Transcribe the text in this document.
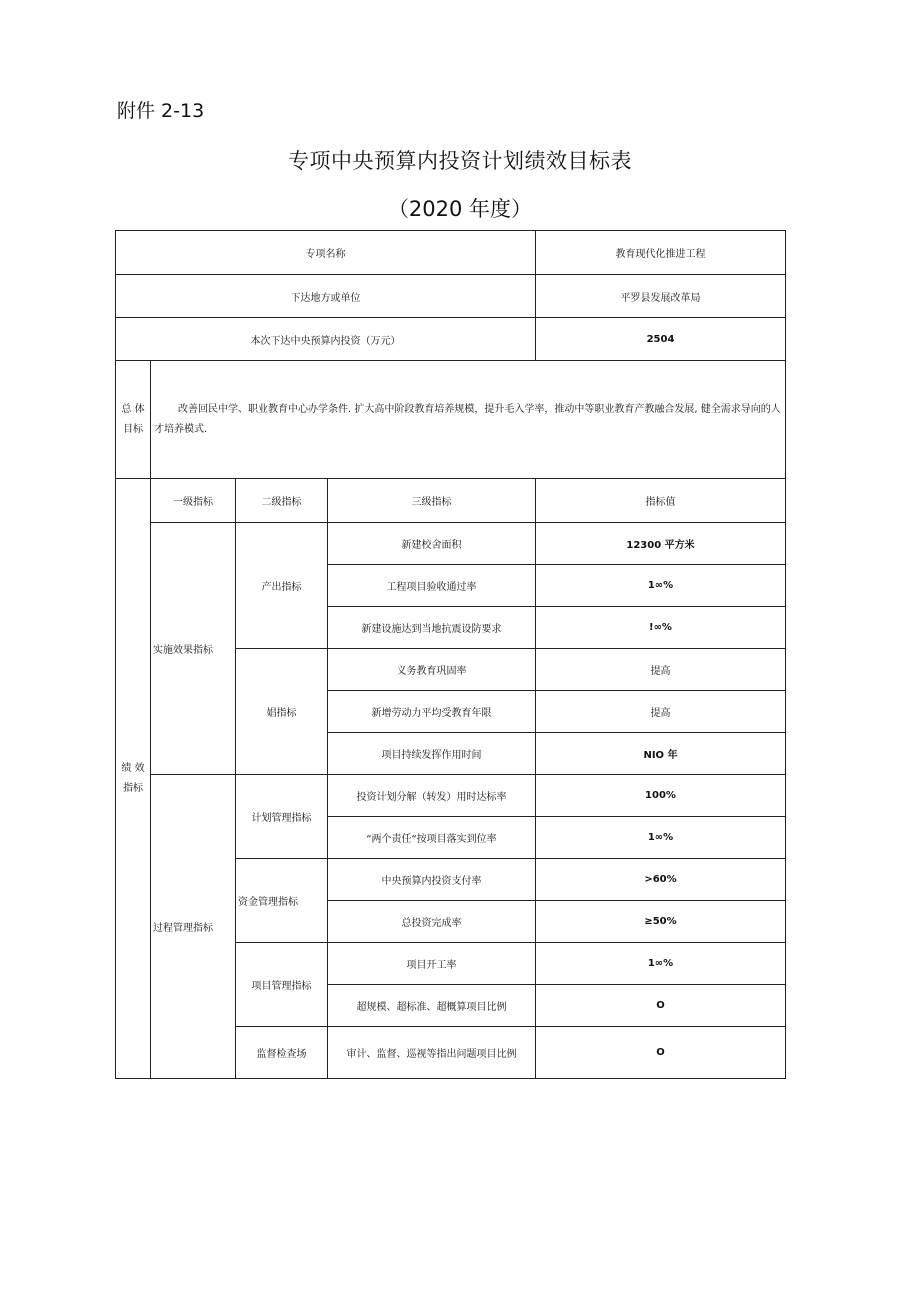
附件 2-13
专项中央预算内投资计划绩效目标表
（2020 年度）
专项名称				教育现代化推进工程
下达地方或单位				平罗县发展改革局
本次下达中央预算内投资（万元）				2504

总 体
目标	改善回民中学、职业教育中心办学条件. 扩大高中阶段教育培养规模，提升毛入学率，推动中等职业教育产教融合发展, 健全需求导向的人
才培养模式.			

绩 效
指标	一级指标	二级指标	三级指标	指标值
	实施效果指标	产出指标	新建校舍面积	12300 平方米
			工程项目验收通过率	1∞%
			新建设施达到当地抗震设防要求	!∞%
		娼指标	义务教育巩固率	提高
			新增劳动力平均受教育年限	提高
			项目持续发挥作用时间	NIO 年
	过程管理指标	计划管理指标	投资计划分解（转发）用时达标率	100%
			“两个责任“按项目落实到位率	1∞%
		资金管理指标	中央预算内投资支付率	>60%
			总投资完成率	≥50%
		项目管理指标	项目开工率	1∞%
			超规模、超标准、超概算项目比例	O
		监督检查场	审计、监督、巡视等指出问题项目比例	O
